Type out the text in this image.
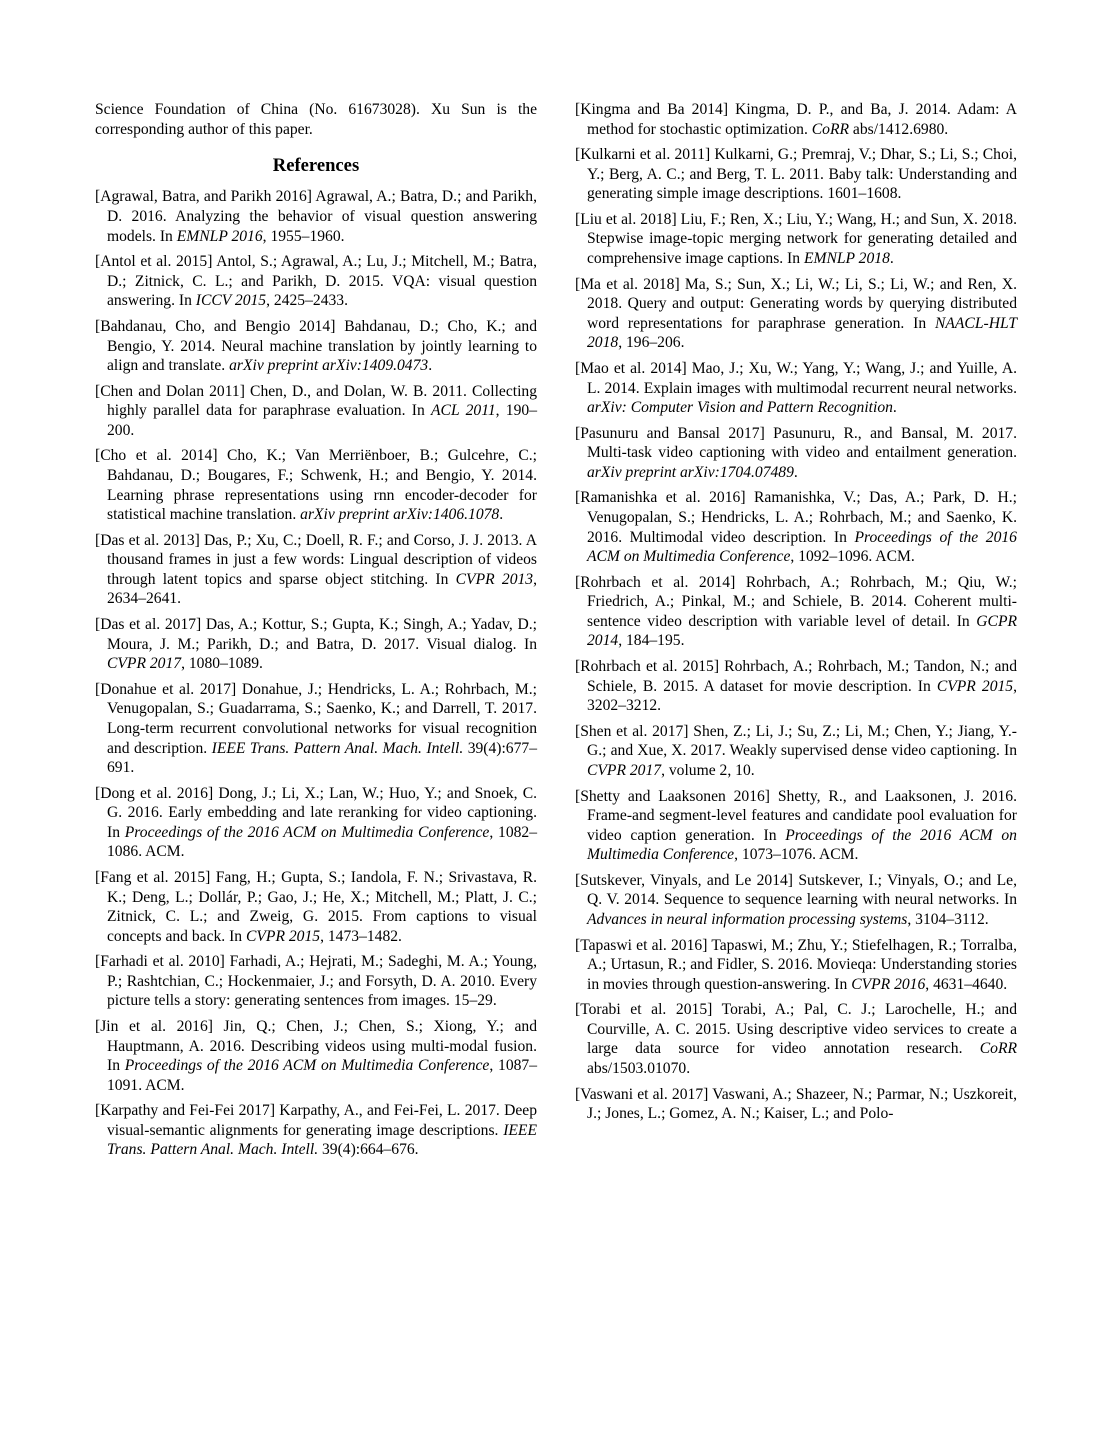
Science Foundation of China (No. 61673028). Xu Sun is the corresponding author of this paper.

References

[Agrawal, Batra, and Parikh 2016] Agrawal, A.; Batra, D.; and Parikh, D. 2016. Analyzing the behavior of visual question answering models. In EMNLP 2016, 1955–1960.

[Antol et al. 2015] Antol, S.; Agrawal, A.; Lu, J.; Mitchell, M.; Batra, D.; Zitnick, C. L.; and Parikh, D. 2015. VQA: visual question answering. In ICCV 2015, 2425–2433.

[Bahdanau, Cho, and Bengio 2014] Bahdanau, D.; Cho, K.; and Bengio, Y. 2014. Neural machine translation by jointly learning to align and translate. arXiv preprint arXiv:1409.0473.

[Chen and Dolan 2011] Chen, D., and Dolan, W. B. 2011. Collecting highly parallel data for paraphrase evaluation. In ACL 2011, 190–200.

[Cho et al. 2014] Cho, K.; Van Merriënboer, B.; Gulcehre, C.; Bahdanau, D.; Bougares, F.; Schwenk, H.; and Bengio, Y. 2014. Learning phrase representations using rnn encoder-decoder for statistical machine translation. arXiv preprint arXiv:1406.1078.

[Das et al. 2013] Das, P.; Xu, C.; Doell, R. F.; and Corso, J. J. 2013. A thousand frames in just a few words: Lingual description of videos through latent topics and sparse object stitching. In CVPR 2013, 2634–2641.

[Das et al. 2017] Das, A.; Kottur, S.; Gupta, K.; Singh, A.; Yadav, D.; Moura, J. M.; Parikh, D.; and Batra, D. 2017. Visual dialog. In CVPR 2017, 1080–1089.

[Donahue et al. 2017] Donahue, J.; Hendricks, L. A.; Rohrbach, M.; Venugopalan, S.; Guadarrama, S.; Saenko, K.; and Darrell, T. 2017. Long-term recurrent convolutional networks for visual recognition and description. IEEE Trans. Pattern Anal. Mach. Intell. 39(4):677–691.

[Dong et al. 2016] Dong, J.; Li, X.; Lan, W.; Huo, Y.; and Snoek, C. G. 2016. Early embedding and late reranking for video captioning. In Proceedings of the 2016 ACM on Multimedia Conference, 1082–1086. ACM.

[Fang et al. 2015] Fang, H.; Gupta, S.; Iandola, F. N.; Srivastava, R. K.; Deng, L.; Dollár, P.; Gao, J.; He, X.; Mitchell, M.; Platt, J. C.; Zitnick, C. L.; and Zweig, G. 2015. From captions to visual concepts and back. In CVPR 2015, 1473–1482.

[Farhadi et al. 2010] Farhadi, A.; Hejrati, M.; Sadeghi, M. A.; Young, P.; Rashtchian, C.; Hockenmaier, J.; and Forsyth, D. A. 2010. Every picture tells a story: generating sentences from images. 15–29.

[Jin et al. 2016] Jin, Q.; Chen, J.; Chen, S.; Xiong, Y.; and Hauptmann, A. 2016. Describing videos using multi-modal fusion. In Proceedings of the 2016 ACM on Multimedia Conference, 1087–1091. ACM.

[Karpathy and Fei-Fei 2017] Karpathy, A., and Fei-Fei, L. 2017. Deep visual-semantic alignments for generating image descriptions. IEEE Trans. Pattern Anal. Mach. Intell. 39(4):664–676.

[Kingma and Ba 2014] Kingma, D. P., and Ba, J. 2014. Adam: A method for stochastic optimization. CoRR abs/1412.6980.

[Kulkarni et al. 2011] Kulkarni, G.; Premraj, V.; Dhar, S.; Li, S.; Choi, Y.; Berg, A. C.; and Berg, T. L. 2011. Baby talk: Understanding and generating simple image descriptions. 1601–1608.

[Liu et al. 2018] Liu, F.; Ren, X.; Liu, Y.; Wang, H.; and Sun, X. 2018. Stepwise image-topic merging network for generating detailed and comprehensive image captions. In EMNLP 2018.

[Ma et al. 2018] Ma, S.; Sun, X.; Li, W.; Li, S.; Li, W.; and Ren, X. 2018. Query and output: Generating words by querying distributed word representations for paraphrase generation. In NAACL-HLT 2018, 196–206.

[Mao et al. 2014] Mao, J.; Xu, W.; Yang, Y.; Wang, J.; and Yuille, A. L. 2014. Explain images with multimodal recurrent neural networks. arXiv: Computer Vision and Pattern Recognition.

[Pasunuru and Bansal 2017] Pasunuru, R., and Bansal, M. 2017. Multi-task video captioning with video and entailment generation. arXiv preprint arXiv:1704.07489.

[Ramanishka et al. 2016] Ramanishka, V.; Das, A.; Park, D. H.; Venugopalan, S.; Hendricks, L. A.; Rohrbach, M.; and Saenko, K. 2016. Multimodal video description. In Proceedings of the 2016 ACM on Multimedia Conference, 1092–1096. ACM.

[Rohrbach et al. 2014] Rohrbach, A.; Rohrbach, M.; Qiu, W.; Friedrich, A.; Pinkal, M.; and Schiele, B. 2014. Coherent multi-sentence video description with variable level of detail. In GCPR 2014, 184–195.

[Rohrbach et al. 2015] Rohrbach, A.; Rohrbach, M.; Tandon, N.; and Schiele, B. 2015. A dataset for movie description. In CVPR 2015, 3202–3212.

[Shen et al. 2017] Shen, Z.; Li, J.; Su, Z.; Li, M.; Chen, Y.; Jiang, Y.-G.; and Xue, X. 2017. Weakly supervised dense video captioning. In CVPR 2017, volume 2, 10.

[Shetty and Laaksonen 2016] Shetty, R., and Laaksonen, J. 2016. Frame-and segment-level features and candidate pool evaluation for video caption generation. In Proceedings of the 2016 ACM on Multimedia Conference, 1073–1076. ACM.

[Sutskever, Vinyals, and Le 2014] Sutskever, I.; Vinyals, O.; and Le, Q. V. 2014. Sequence to sequence learning with neural networks. In Advances in neural information processing systems, 3104–3112.

[Tapaswi et al. 2016] Tapaswi, M.; Zhu, Y.; Stiefelhagen, R.; Torralba, A.; Urtasun, R.; and Fidler, S. 2016. Movieqa: Understanding stories in movies through question-answering. In CVPR 2016, 4631–4640.

[Torabi et al. 2015] Torabi, A.; Pal, C. J.; Larochelle, H.; and Courville, A. C. 2015. Using descriptive video services to create a large data source for video annotation research. CoRR abs/1503.01070.

[Vaswani et al. 2017] Vaswani, A.; Shazeer, N.; Parmar, N.; Uszkoreit, J.; Jones, L.; Gomez, A. N.; Kaiser, L.; and Polo-
